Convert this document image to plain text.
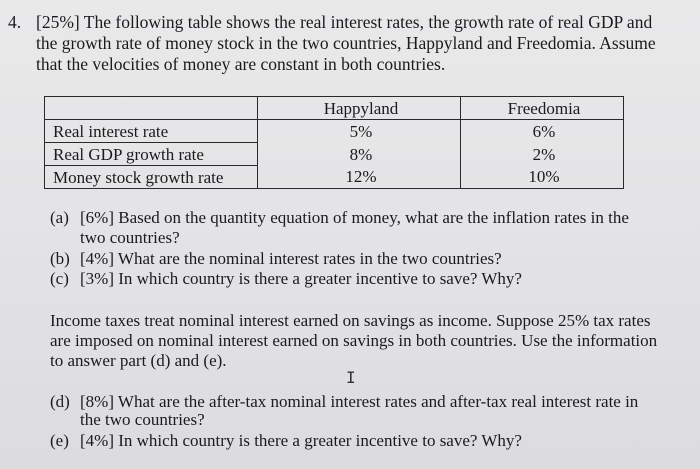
4. [25%] The following table shows the real interest rates, the growth rate of real GDP and
the growth rate of money stock in the two countries, Happyland and Freedomia. Assume
that the velocities of money are constant in both countries.
	Happyland	Freedomia
Real interest rate	5%	6%
Real GDP growth rate	8%	2%
Money stock growth rate	12%	10%
(a) [6%] Based on the quantity equation of money, what are the inflation rates in the
two countries?
(b) [4%] What are the nominal interest rates in the two countries?
(c) [3%] In which country is there a greater incentive to save? Why?
Income taxes treat nominal interest earned on savings as income. Suppose 25% tax rates
are imposed on nominal interest earned on savings in both countries. Use the information
to answer part (d) and (e).
I
(d) [8%] What are the after-tax nominal interest rates and after-tax real interest rate in
the two countries?
(e) [4%] In which country is there a greater incentive to save? Why?
